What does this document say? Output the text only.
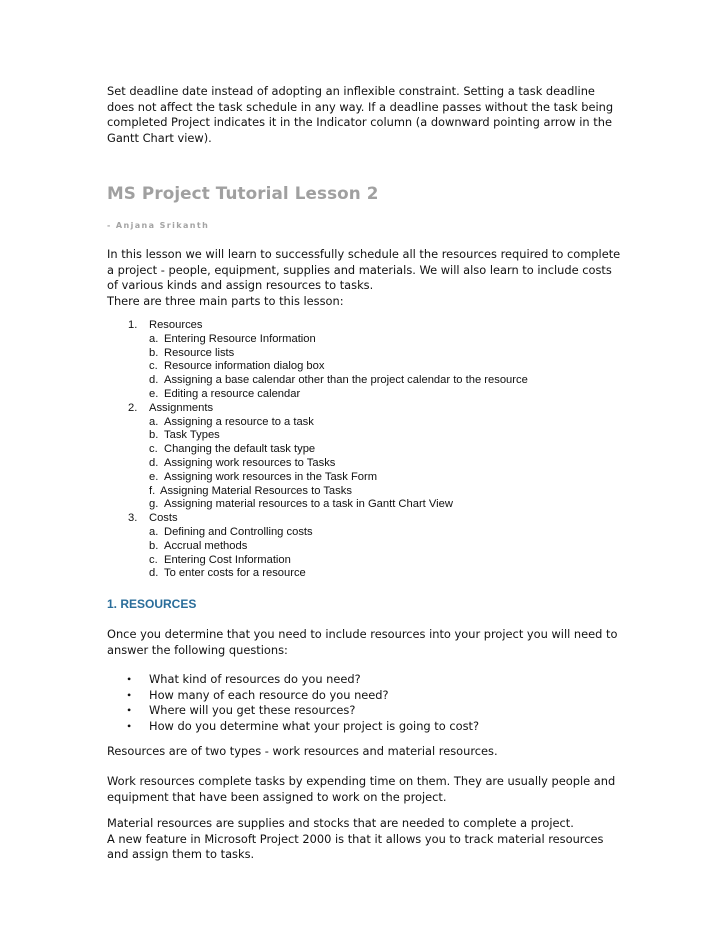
Set deadline date instead of adopting an inflexible constraint. Setting a task deadline
does not affect the task schedule in any way. If a deadline passes without the task being
completed Project indicates it in the Indicator column (a downward pointing arrow in the
Gantt Chart view).
MS Project Tutorial Lesson 2

- Anjana Srikanth

In this lesson we will learn to successfully schedule all the resources required to complete
a project - people, equipment, supplies and materials. We will also learn to include costs
of various kinds and assign resources to tasks.
There are three main parts to this lesson:
1. Resources
a. Entering Resource Information
b. Resource lists
c. Resource information dialog box
d. Assigning a base calendar other than the project calendar to the resource
e. Editing a resource calendar
2. Assignments
a. Assigning a resource to a task
b. Task Types
c. Changing the default task type
d. Assigning work resources to Tasks
e. Assigning work resources in the Task Form
f. Assigning Material Resources to Tasks
g. Assigning material resources to a task in Gantt Chart View
3. Costs
a. Defining and Controlling costs
b. Accrual methods
c. Entering Cost Information
d. To enter costs for a resource
1. RESOURCES
Once you determine that you need to include resources into your project you will need to
answer the following questions:
• What kind of resources do you need?
• How many of each resource do you need?
• Where will you get these resources?
• How do you determine what your project is going to cost?
Resources are of two types - work resources and material resources.
Work resources complete tasks by expending time on them. They are usually people and
equipment that have been assigned to work on the project.
Material resources are supplies and stocks that are needed to complete a project.
A new feature in Microsoft Project 2000 is that it allows you to track material resources
and assign them to tasks.
